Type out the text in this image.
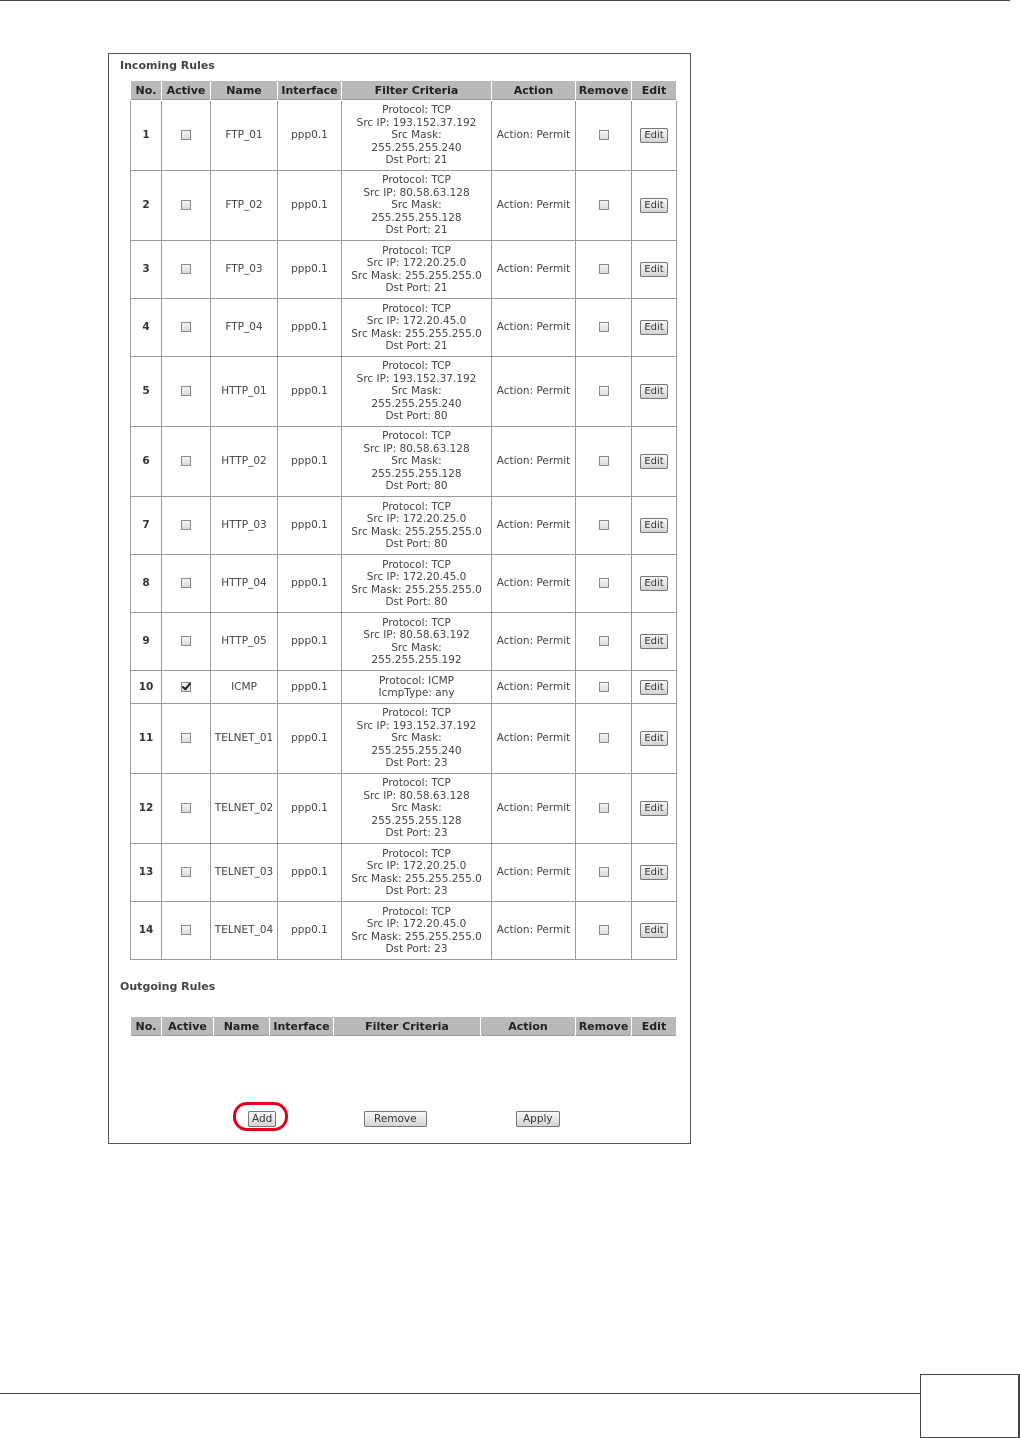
Incoming Rules
No.	Active	Name	Interface	Filter Criteria	Action	Remove	Edit
1		FTP_01	ppp0.1	Protocol: TCP
Src IP: 193.152.37.192
Src Mask:
255.255.255.240
Dst Port: 21	Action: Permit		Edit
2		FTP_02	ppp0.1	Protocol: TCP
Src IP: 80.58.63.128
Src Mask:
255.255.255.128
Dst Port: 21	Action: Permit		Edit
3		FTP_03	ppp0.1	Protocol: TCP
Src IP: 172.20.25.0
Src Mask: 255.255.255.0
Dst Port: 21	Action: Permit		Edit
4		FTP_04	ppp0.1	Protocol: TCP
Src IP: 172.20.45.0
Src Mask: 255.255.255.0
Dst Port: 21	Action: Permit		Edit
5		HTTP_01	ppp0.1	Protocol: TCP
Src IP: 193.152.37.192
Src Mask:
255.255.255.240
Dst Port: 80	Action: Permit		Edit
6		HTTP_02	ppp0.1	Protocol: TCP
Src IP: 80.58.63.128
Src Mask:
255.255.255.128
Dst Port: 80	Action: Permit		Edit
7		HTTP_03	ppp0.1	Protocol: TCP
Src IP: 172.20.25.0
Src Mask: 255.255.255.0
Dst Port: 80	Action: Permit		Edit
8		HTTP_04	ppp0.1	Protocol: TCP
Src IP: 172.20.45.0
Src Mask: 255.255.255.0
Dst Port: 80	Action: Permit		Edit
9		HTTP_05	ppp0.1	Protocol: TCP
Src IP: 80.58.63.192
Src Mask:
255.255.255.192	Action: Permit		Edit
10		ICMP	ppp0.1	Protocol: ICMP
IcmpType: any	Action: Permit		Edit
11		TELNET_01	ppp0.1	Protocol: TCP
Src IP: 193.152.37.192
Src Mask:
255.255.255.240
Dst Port: 23	Action: Permit		Edit
12		TELNET_02	ppp0.1	Protocol: TCP
Src IP: 80.58.63.128
Src Mask:
255.255.255.128
Dst Port: 23	Action: Permit		Edit
13		TELNET_03	ppp0.1	Protocol: TCP
Src IP: 172.20.25.0
Src Mask: 255.255.255.0
Dst Port: 23	Action: Permit		Edit
14		TELNET_04	ppp0.1	Protocol: TCP
Src IP: 172.20.45.0
Src Mask: 255.255.255.0
Dst Port: 23	Action: Permit		Edit
Outgoing Rules
No.	Active	Name	Interface	Filter Criteria	Action	Remove	Edit
Add	Remove	Apply
